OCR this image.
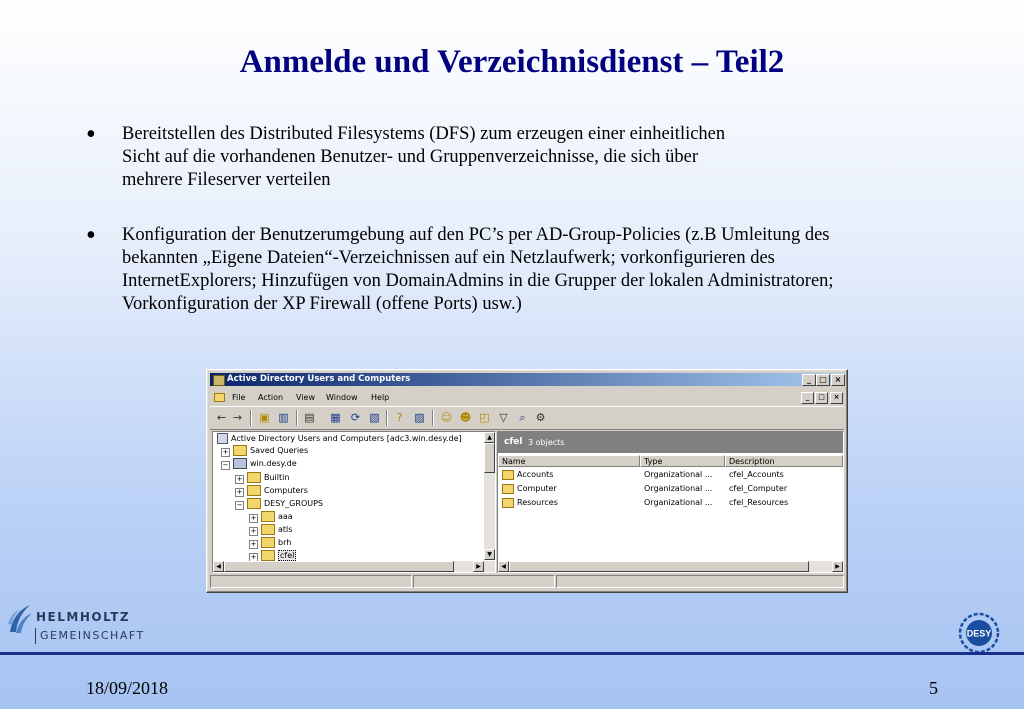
Anmelde und Verzeichnisdienst – Teil2
• Bereitstellen des Distributed Filesystems (DFS) zum erzeugen einer einheitlichen
Sicht auf die vorhandenen Benutzer- und Gruppenverzeichnisse, die sich über
mehrere Fileserver verteilen
• Konfiguration der Benutzerumgebung auf den PC’s per AD-Group-Policies (z.B Umleitung des
bekannten „Eigene Dateien“-Verzeichnissen auf ein Netzlaufwerk; vorkonfigurieren des
InternetExplorers; Hinzufügen von DomainAdmins in die Grupper der lokalen Administratoren;
Vorkonfiguration der XP Firewall (offene Ports) usw.)
Active Directory Users and Computers	_	□ ×
File Action View Window Help	_	□	×
← → ▣ ▥ ▤ ▦ ⟳ ▧	?	▨ ☺ ☻ ◰ ▽	⌕ ⚙
Active Directory Users and Computers [adc3.win.desy.de]
+	Saved Queries
−	win.desy.de
+	Builtin
+	Computers
−	DESY_GROUPS
+	aaa
+	atls
+	brh
+	cfel
▲
▼
◀	▶
cfel 3 objects
Name	Type	Description
Accounts	Organizational ... cfel_Accounts
Computer	Organizational ... cfel_Computer
Resources	Organizational ... cfel_Resources
◀	▶
HELMHOLTZ
GEMEINSCHAFT	DESY
18/09/2018	5
